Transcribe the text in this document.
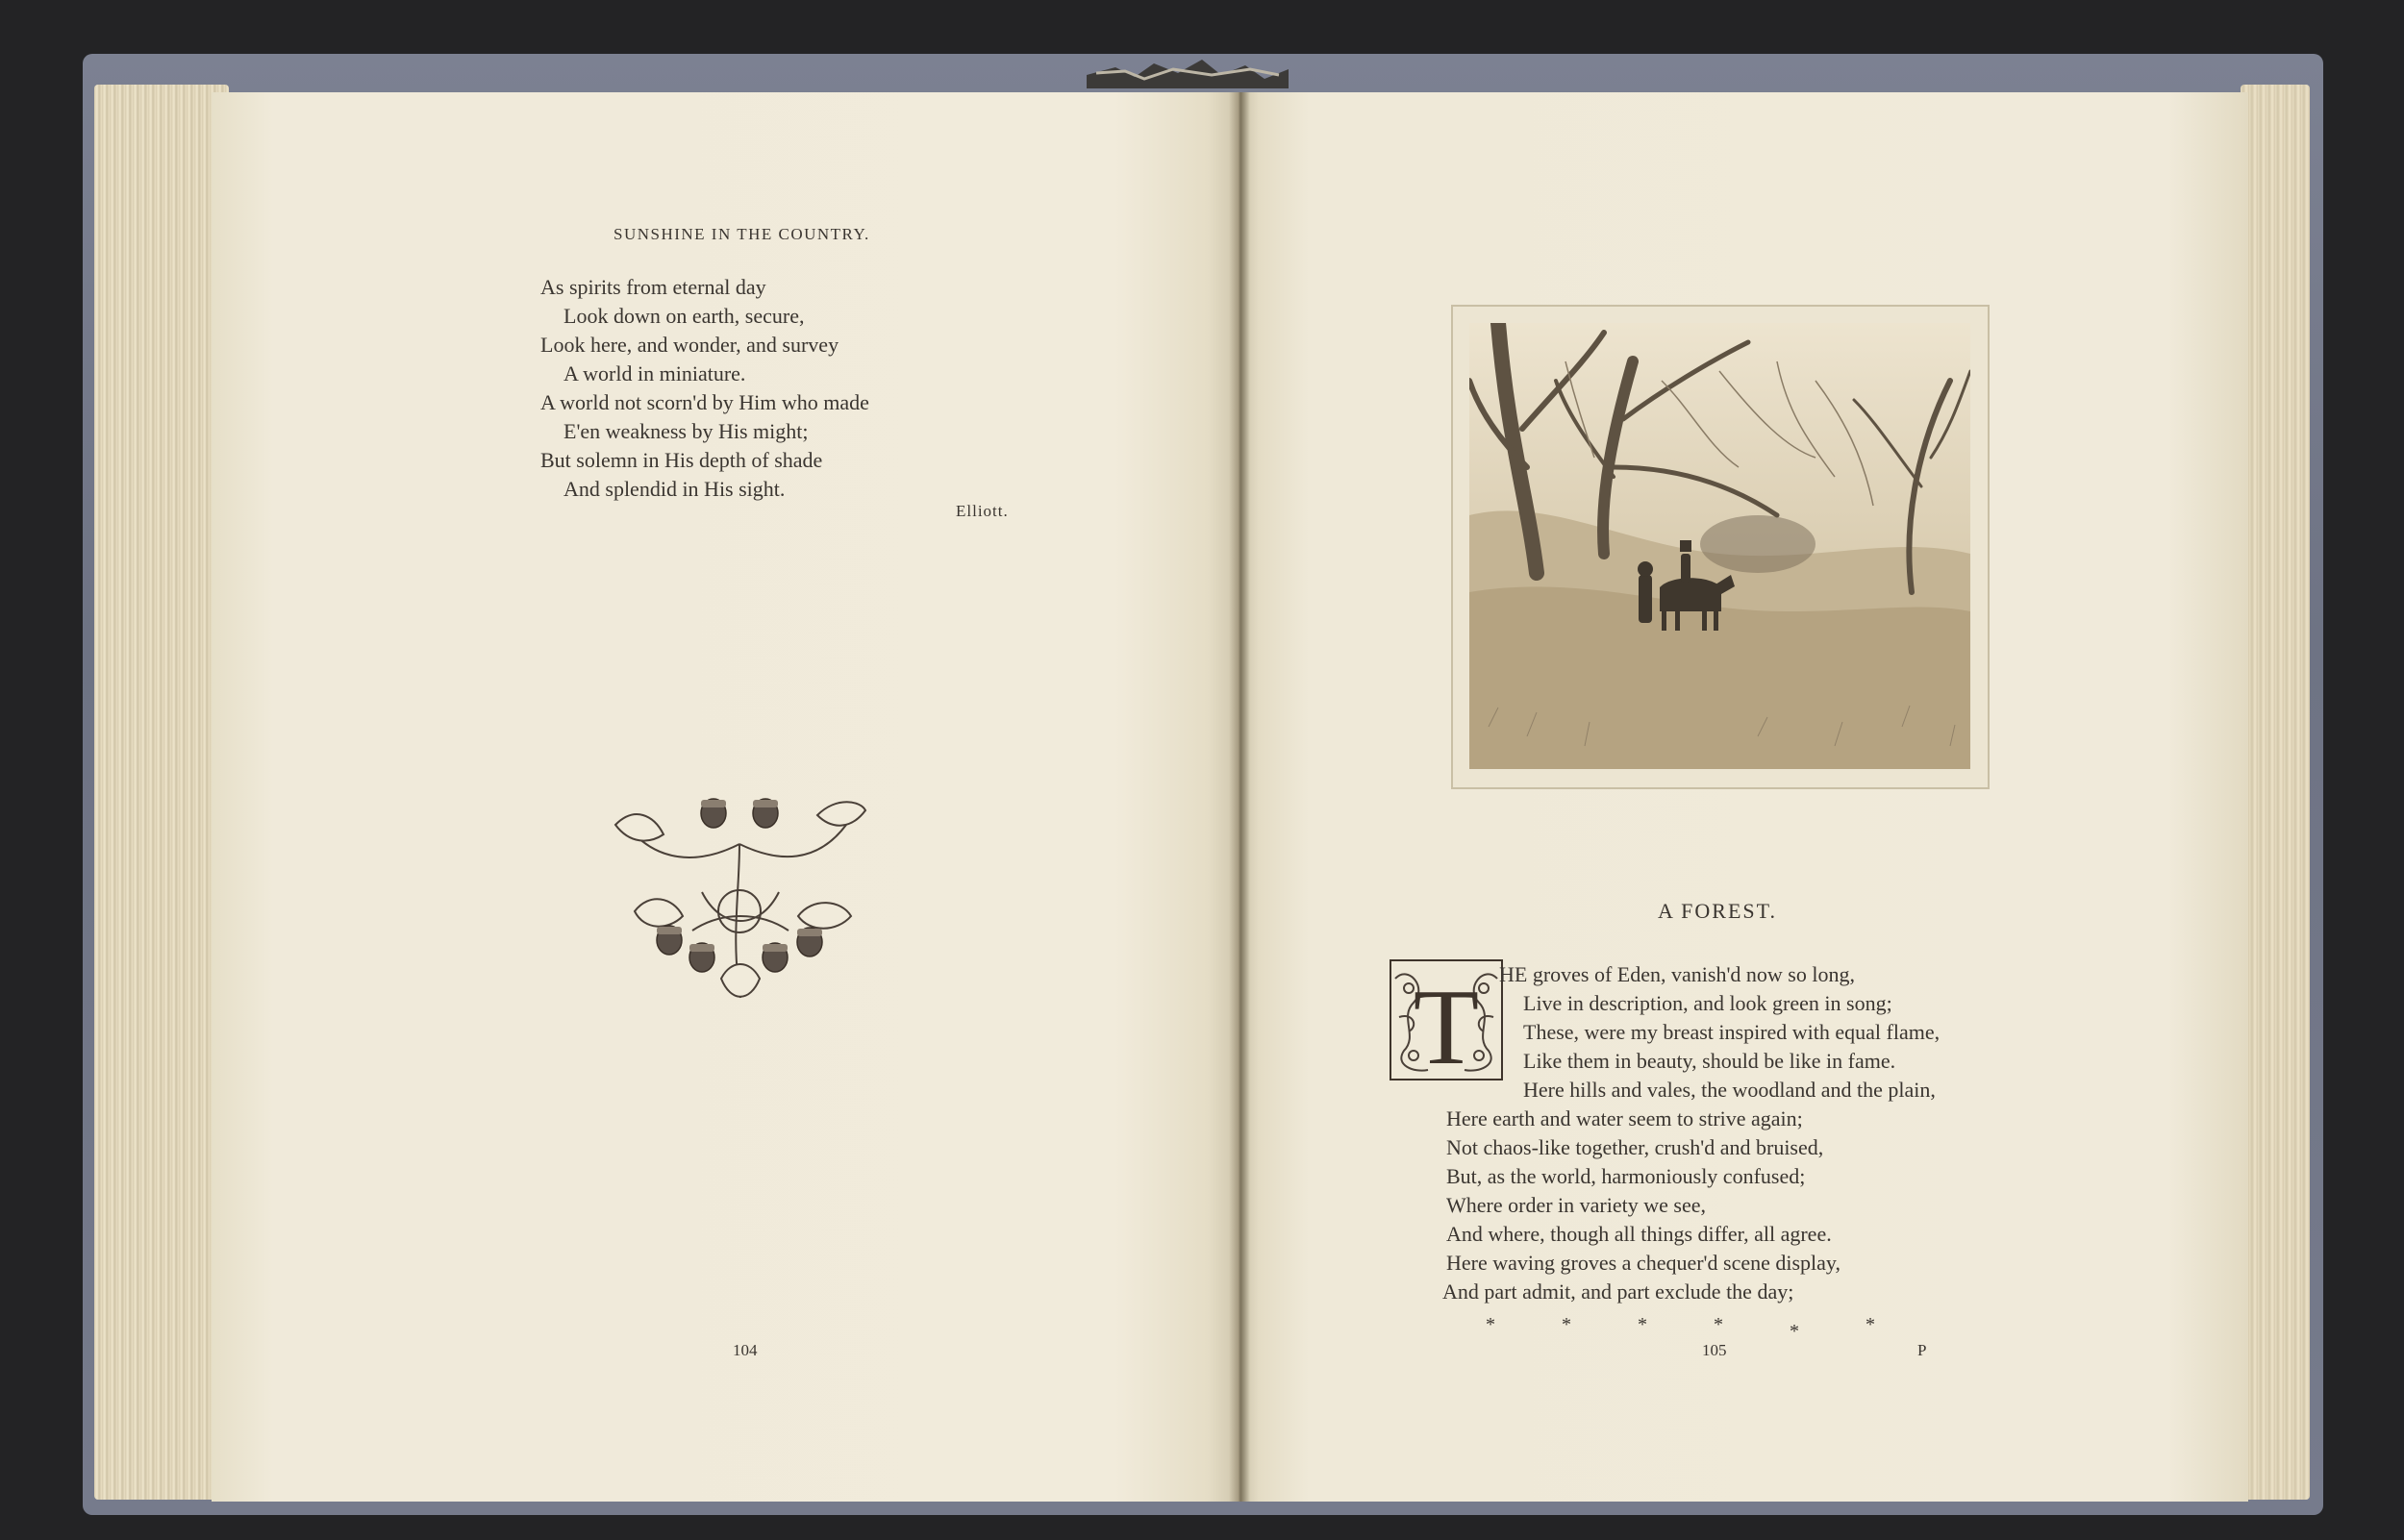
SUNSHINE IN THE COUNTRY.
As spirits from eternal day
Look down on earth, secure,
Look here, and wonder, and survey
A world in miniature.
A world not scorn'd by Him who made
E'en weakness by His might;
But solemn in His depth of shade
And splendid in His sight.
Elliott.
104
A FOREST.
T HE groves of Eden, vanish'd now so long,
Live in description, and look green in song;
These, were my breast inspired with equal flame,
Like them in beauty, should be like in fame.
Here hills and vales, the woodland and the plain,
Here earth and water seem to strive again;
Not chaos-like together, crush'd and bruised,
But, as the world, harmoniously confused;
Where order in variety we see,
And where, though all things differ, all agree.
Here waving groves a chequer'd scene display,
And part admit, and part exclude the day;
*	*	*	*	*	*
105	P
